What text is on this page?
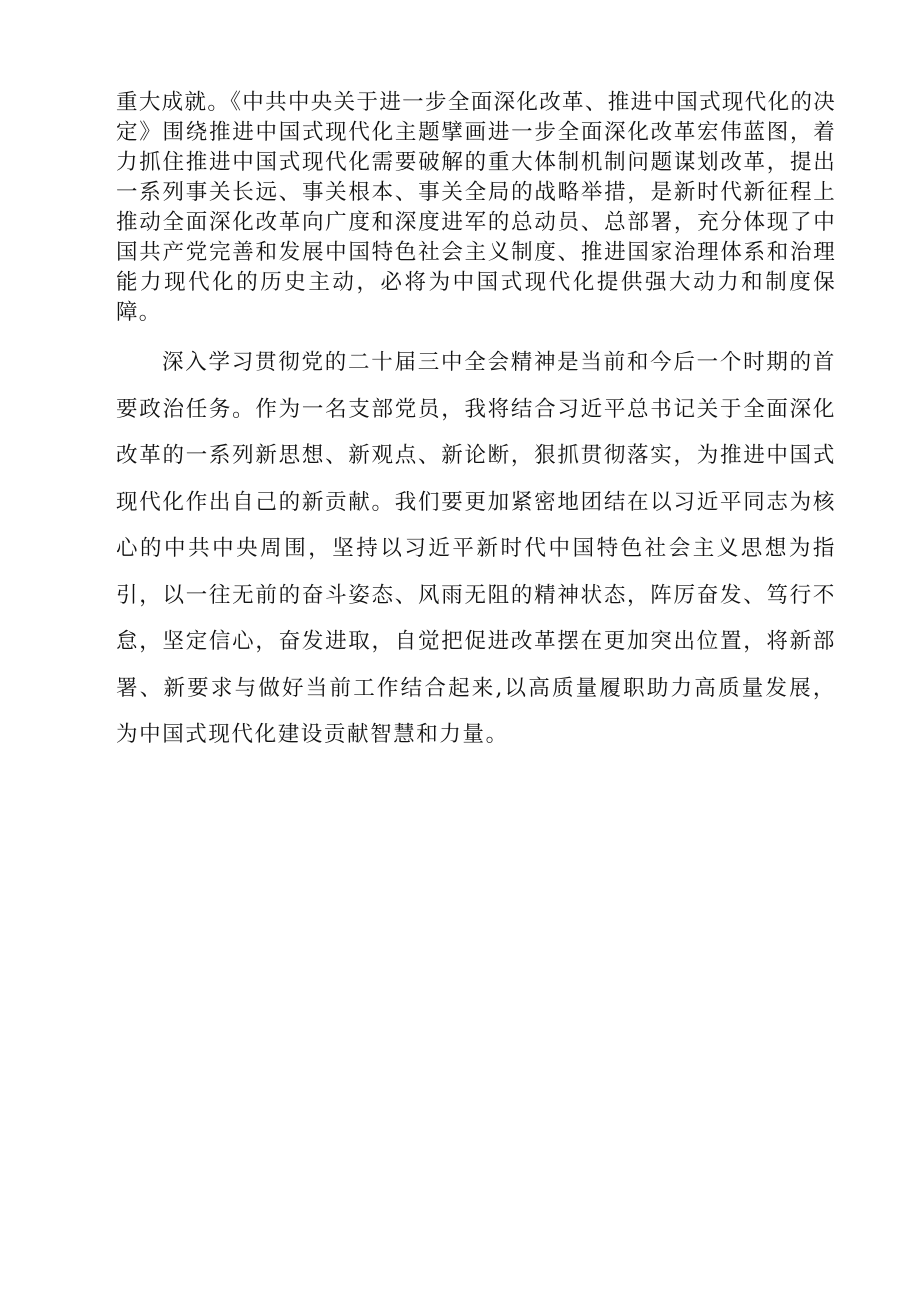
重大成就。《中共中央关于进一步全面深化改革、推进中国式现代化的决定》围绕推进中国式现代化主题擘画进一步全面深化改革宏伟蓝图，着力抓住推进中国式现代化需要破解的重大体制机制问题谋划改革，提出一系列事关长远、事关根本、事关全局的战略举措，是新时代新征程上推动全面深化改革向广度和深度进军的总动员、总部署，充分体现了中国共产党完善和发展中国特色社会主义制度、推进国家治理体系和治理能力现代化的历史主动，必将为中国式现代化提供强大动力和制度保障。

深入学习贯彻党的二十届三中全会精神是当前和今后一个时期的首要政治任务。作为一名支部党员，我将结合习近平总书记关于全面深化改革的一系列新思想、新观点、新论断，狠抓贯彻落实，为推进中国式现代化作出自己的新贡献。我们要更加紧密地团结在以习近平同志为核心的中共中央周围，坚持以习近平新时代中国特色社会主义思想为指引，以一往无前的奋斗姿态、风雨无阻的精神状态，阵厉奋发、笃行不怠，坚定信心，奋发进取，自觉把促进改革摆在更加突出位置，将新部署、新要求与做好当前工作结合起来,以高质量履职助力高质量发展，为中国式现代化建设贡献智慧和力量。
